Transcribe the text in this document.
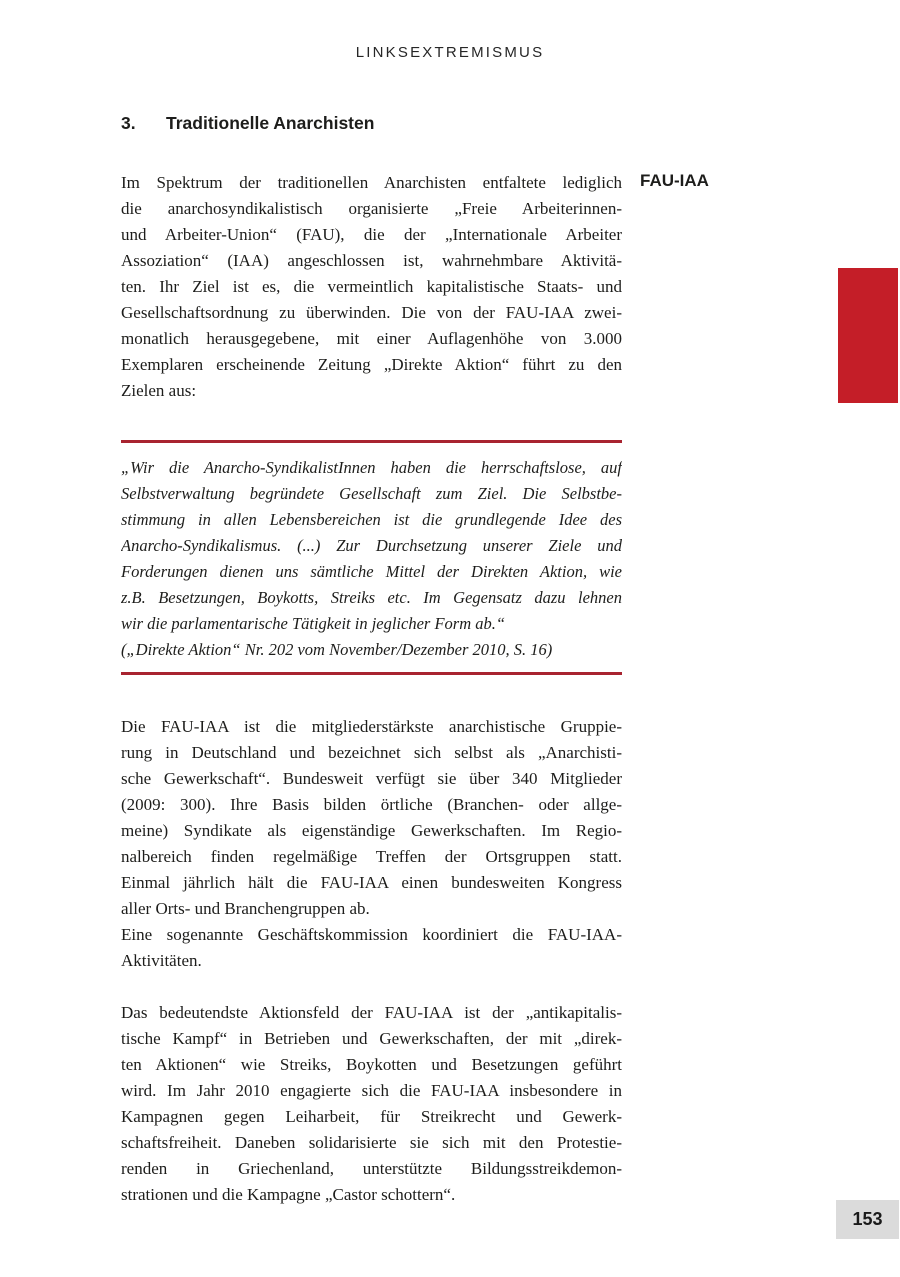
LINKSEXTREMISMUS
3.	Traditionelle Anarchisten
FAU-IAA
Im Spektrum der traditionellen Anarchisten entfaltete lediglich
die anarchosyndikalistisch organisierte „Freie Arbeiterinnen-
und Arbeiter-Union“ (FAU), die der „Internationale Arbeiter
Assoziation“ (IAA) angeschlossen ist, wahrnehmbare Aktivitä-
ten. Ihr Ziel ist es, die vermeintlich kapitalistische Staats- und
Gesellschaftsordnung zu überwinden. Die von der FAU-IAA zwei-
monatlich herausgegebene, mit einer Auflagenhöhe von 3.000
Exemplaren erscheinende Zeitung „Direkte Aktion“ führt zu den
Zielen aus:
„Wir die Anarcho-SyndikalistInnen haben die herrschaftslose, auf
Selbstverwaltung begründete Gesellschaft zum Ziel. Die Selbstbe-
stimmung in allen Lebensbereichen ist die grundlegende Idee des
Anarcho-Syndikalismus. (...) Zur Durchsetzung unserer Ziele und
Forderungen dienen uns sämtliche Mittel der Direkten Aktion, wie
z.B. Besetzungen, Boykotts, Streiks etc. Im Gegensatz dazu lehnen
wir die parlamentarische Tätigkeit in jeglicher Form ab.“
(„Direkte Aktion“ Nr. 202 vom November/Dezember 2010, S. 16)
Die FAU-IAA ist die mitgliederstärkste anarchistische Gruppie-
rung in Deutschland und bezeichnet sich selbst als „Anarchisti-
sche Gewerkschaft“. Bundesweit verfügt sie über 340 Mitglieder
(2009: 300). Ihre Basis bilden örtliche (Branchen- oder allge-
meine) Syndikate als eigenständige Gewerkschaften. Im Regio-
nalbereich finden regelmäßige Treffen der Ortsgruppen statt.
Einmal jährlich hält die FAU-IAA einen bundesweiten Kongress
aller Orts- und Branchengruppen ab.
Eine sogenannte Geschäftskommission koordiniert die FAU-IAA-
Aktivitäten.
Das bedeutendste Aktionsfeld der FAU-IAA ist der „antikapitalis-
tische Kampf“ in Betrieben und Gewerkschaften, der mit „direk-
ten Aktionen“ wie Streiks, Boykotten und Besetzungen geführt
wird. Im Jahr 2010 engagierte sich die FAU-IAA insbesondere in
Kampagnen gegen Leiharbeit, für Streikrecht und Gewerk-
schaftsfreiheit. Daneben solidarisierte sie sich mit den Protestie-
renden in Griechenland, unterstützte Bildungsstreikdemon-
strationen und die Kampagne „Castor schottern“.
153
